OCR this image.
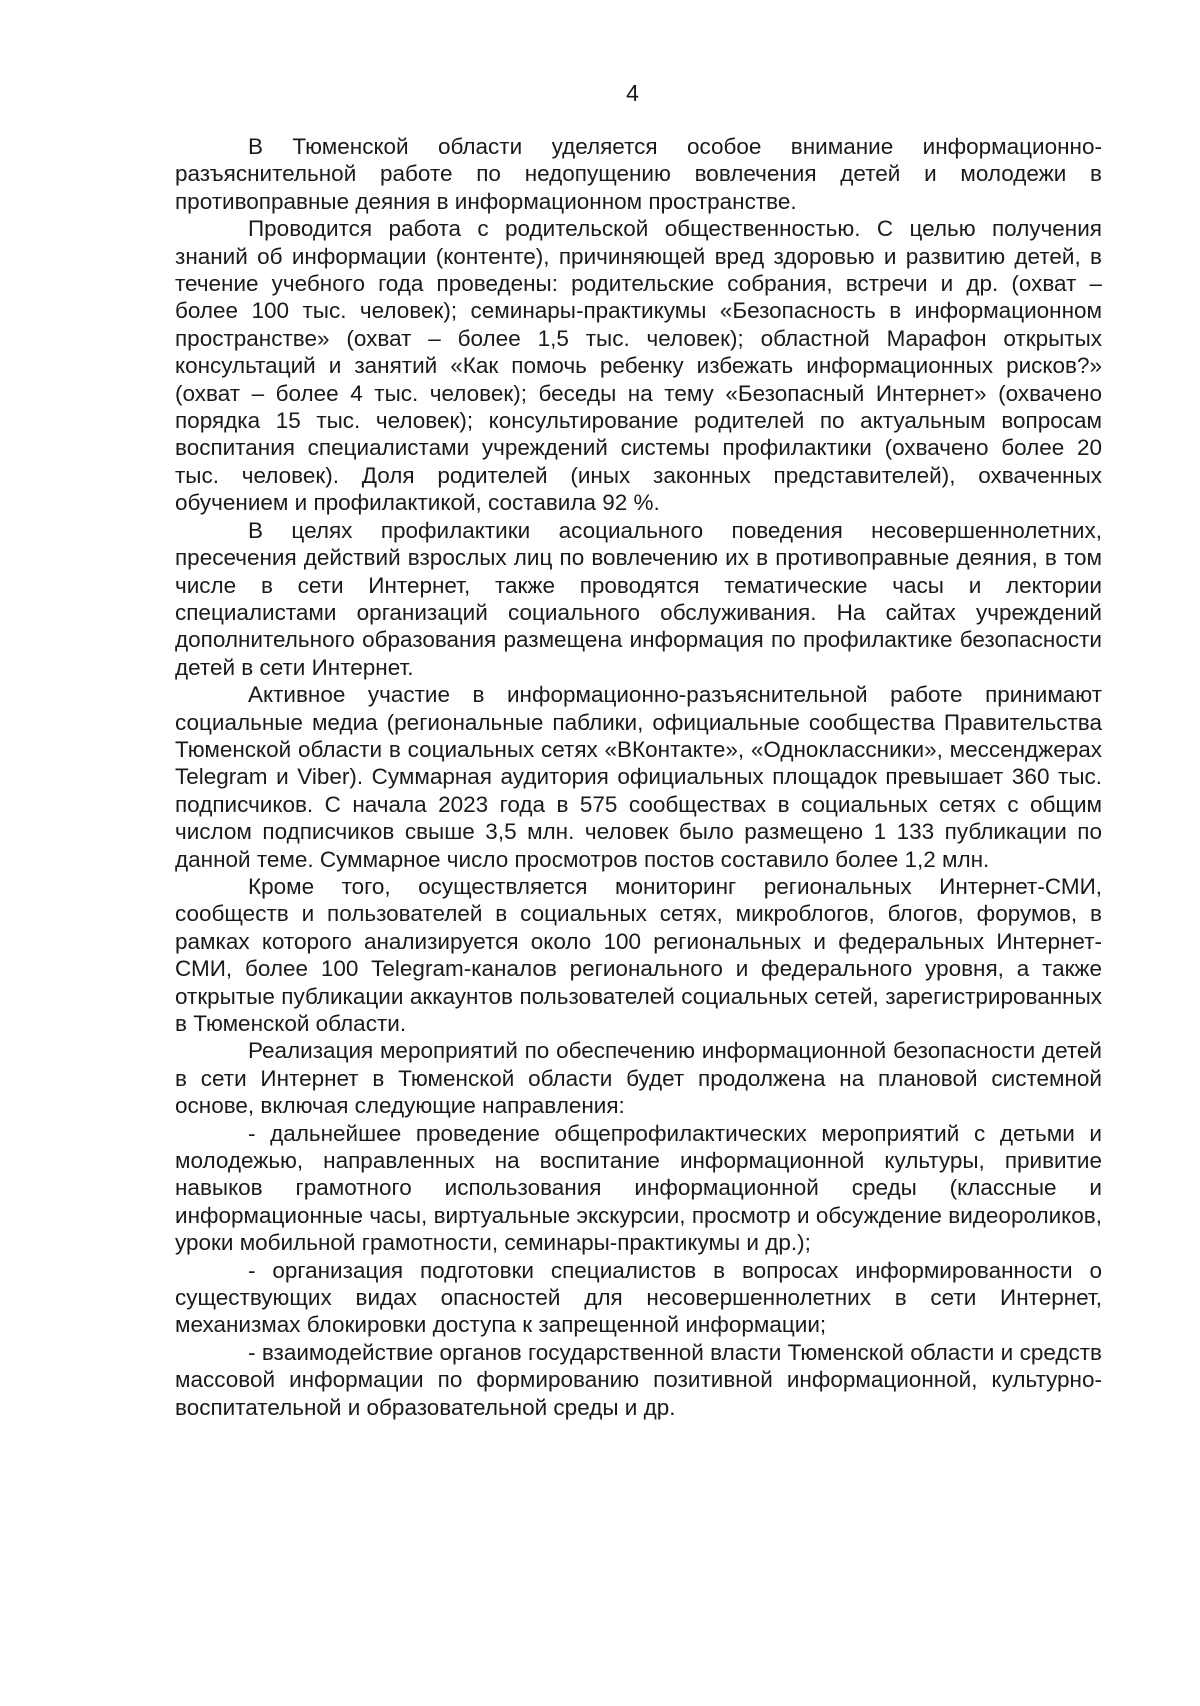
4

В Тюменской области уделяется особое внимание информационно-разъяснительной работе по недопущению вовлечения детей и молодежи в противоправные деяния в информационном пространстве.

Проводится работа с родительской общественностью. С целью получения знаний об информации (контенте), причиняющей вред здоровью и развитию детей, в течение учебного года проведены: родительские собрания, встречи и др. (охват – более 100 тыс. человек); семинары-практикумы «Безопасность в информационном пространстве» (охват – более 1,5 тыс. человек); областной Марафон открытых консультаций и занятий «Как помочь ребенку избежать информационных рисков?» (охват – более 4 тыс. человек); беседы на тему «Безопасный Интернет» (охвачено порядка 15 тыс. человек); консультирование родителей по актуальным вопросам воспитания специалистами учреждений системы профилактики (охвачено более 20 тыс. человек). Доля родителей (иных законных представителей), охваченных обучением и профилактикой, составила 92 %.

В целях профилактики асоциального поведения несовершеннолетних, пресечения действий взрослых лиц по вовлечению их в противоправные деяния, в том числе в сети Интернет, также проводятся тематические часы и лектории специалистами организаций социального обслуживания. На сайтах учреждений дополнительного образования размещена информация по профилактике безопасности детей в сети Интернет.

Активное участие в информационно-разъяснительной работе принимают социальные медиа (региональные паблики, официальные сообщества Правительства Тюменской области в социальных сетях «ВКонтакте», «Одноклассники», мессенджерах Telegram и Viber). Суммарная аудитория официальных площадок превышает 360 тыс. подписчиков. С начала 2023 года в 575 сообществах в социальных сетях с общим числом подписчиков свыше 3,5 млн. человек было размещено 1 133 публикации по данной теме. Суммарное число просмотров постов составило более 1,2 млн.

Кроме того, осуществляется мониторинг региональных Интернет-СМИ, сообществ и пользователей в социальных сетях, микроблогов, блогов, форумов, в рамках которого анализируется около 100 региональных и федеральных Интернет-СМИ, более 100 Telegram-каналов регионального и федерального уровня, а также открытые публикации аккаунтов пользователей социальных сетей, зарегистрированных в Тюменской области.

Реализация мероприятий по обеспечению информационной безопасности детей в сети Интернет в Тюменской области будет продолжена на плановой системной основе, включая следующие направления:

- дальнейшее проведение общепрофилактических мероприятий с детьми и молодежью, направленных на воспитание информационной культуры, привитие навыков грамотного использования информационной среды (классные и информационные часы, виртуальные экскурсии, просмотр и обсуждение видеороликов, уроки мобильной грамотности, семинары-практикумы и др.);

- организация подготовки специалистов в вопросах информированности о существующих видах опасностей для несовершеннолетних в сети Интернет, механизмах блокировки доступа к запрещенной информации;

- взаимодействие органов государственной власти Тюменской области и средств массовой информации по формированию позитивной информационной, культурно-воспитательной и образовательной среды и др.
